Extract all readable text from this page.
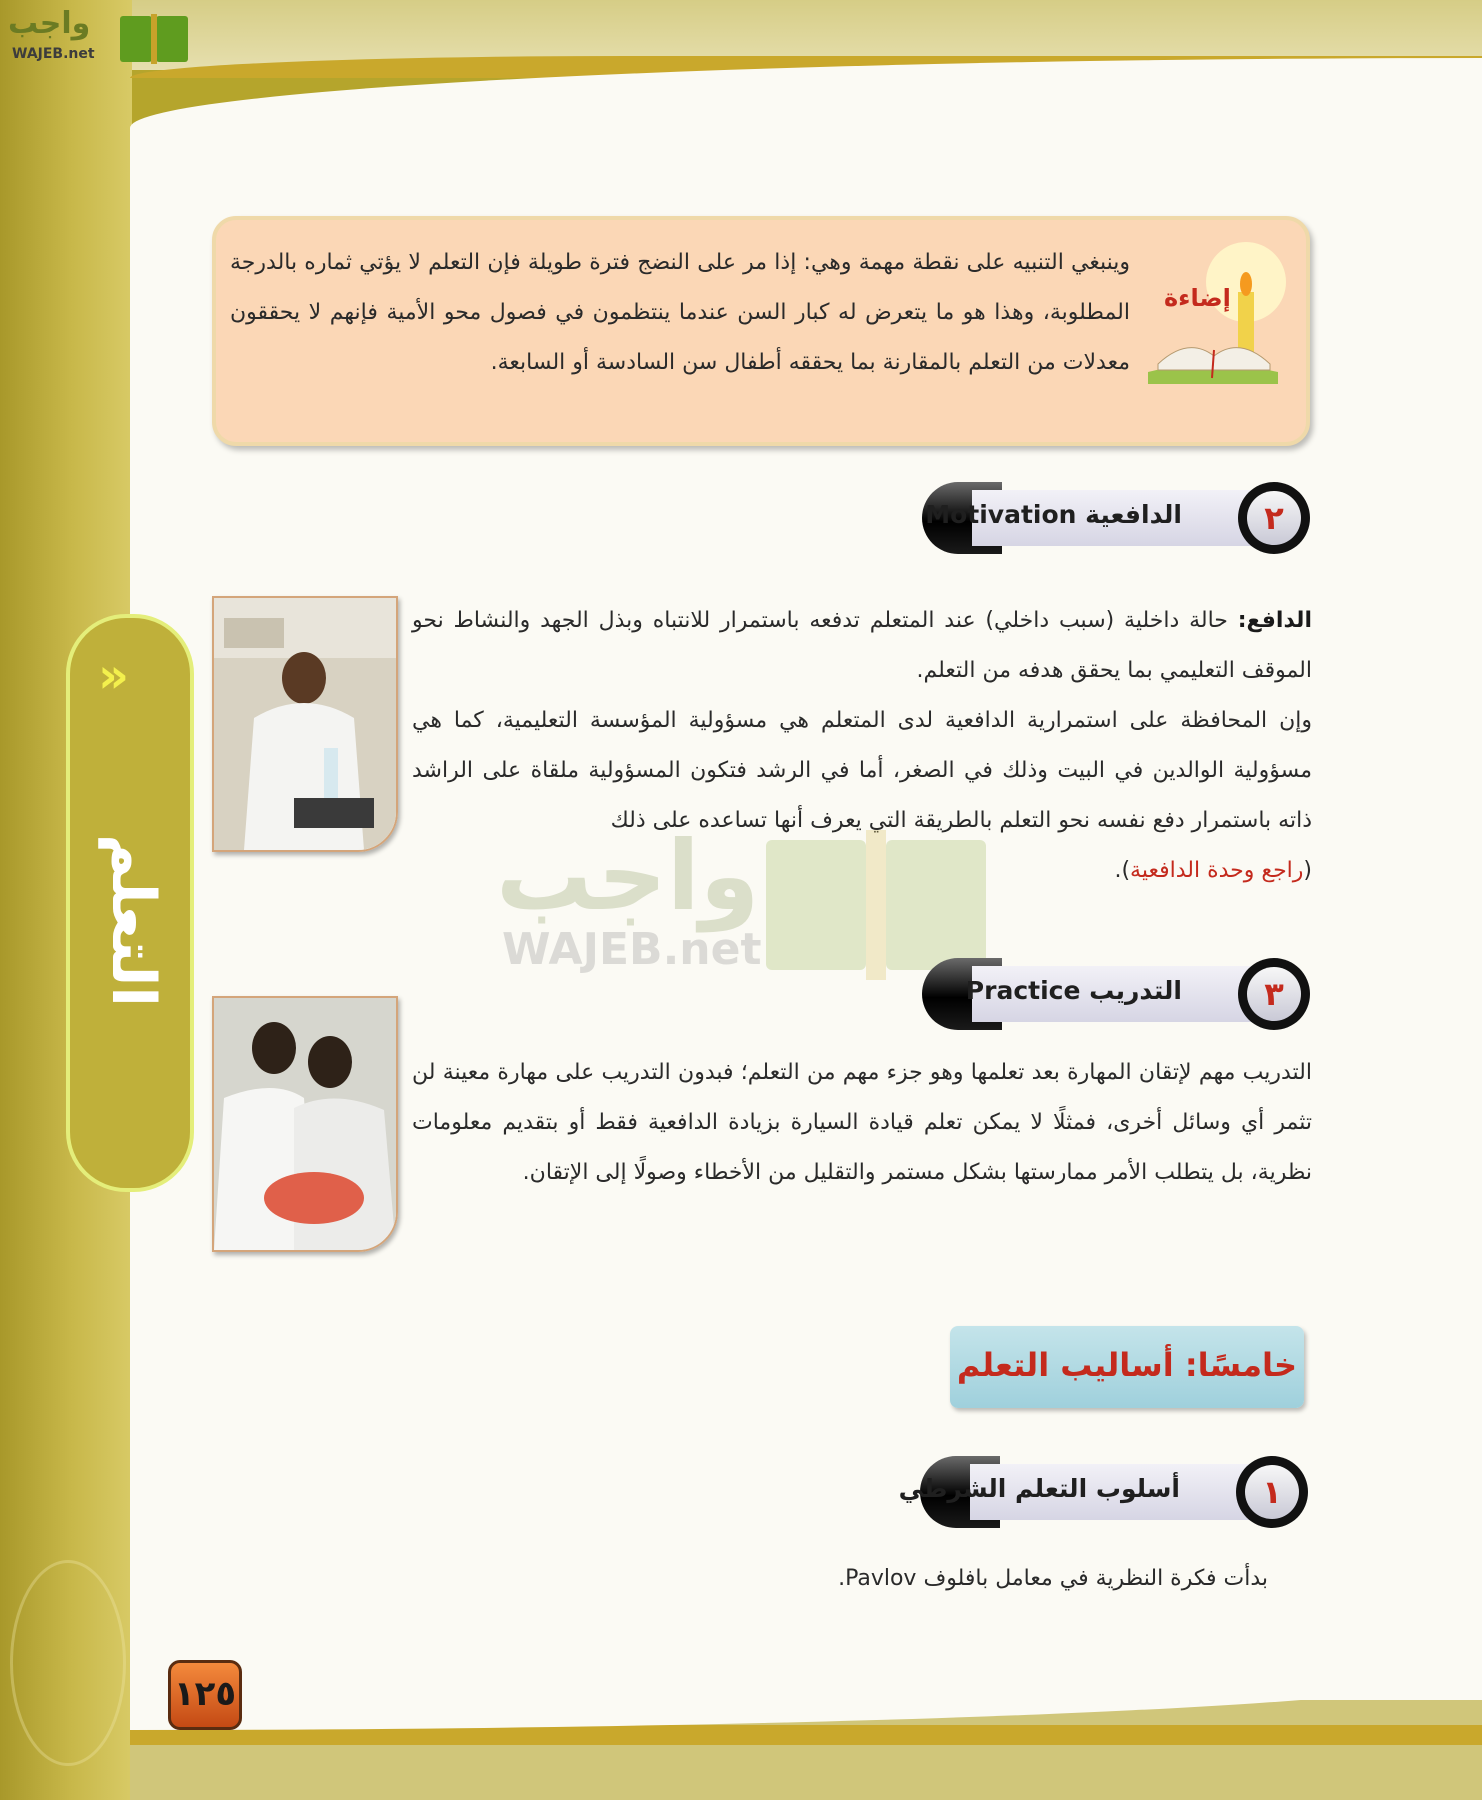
واجب
WAJEB.net
»
التعلم
وينبغي التنبيه على نقطة مهمة وهي: إذا مر على النضج فترة طويلة فإن التعلم لا يؤتي ثماره بالدرجة المطلوبة، وهذا هو ما يتعرض له كبار السن عندما ينتظمون في فصول محو الأمية فإنهم لا يحققون معدلات من التعلم بالمقارنة بما يحققه أطفال سن السادسة أو السابعة.
إضاءة
الدافعية Motivation	٢
الدافع: حالة داخلية (سبب داخلي) عند المتعلم تدفعه باستمرار للانتباه وبذل الجهد والنشاط نحو الموقف التعليمي بما يحقق هدفه من التعلم.
وإن المحافظة على استمرارية الدافعية لدى المتعلم هي مسؤولية المؤسسة التعليمية، كما هي مسؤولية الوالدين في البيت وذلك في الصغر، أما في الرشد فتكون المسؤولية ملقاة على الراشد ذاته باستمرار دفع نفسه نحو التعلم بالطريقة التي يعرف أنها تساعده على ذلك
(راجع وحدة الدافعية).
واجب
WAJEB.net
التدريب Practice	٣
التدريب مهم لإتقان المهارة بعد تعلمها وهو جزء مهم من التعلم؛ فبدون التدريب على مهارة معينة لن تثمر أي وسائل أخرى، فمثلًا لا يمكن تعلم قيادة السيارة بزيادة الدافعية فقط أو بتقديم معلومات نظرية، بل يتطلب الأمر ممارستها بشكل مستمر والتقليل من الأخطاء وصولًا إلى الإتقان.
خامسًا: أساليب التعلم
أسلوب التعلم الشرطي	١
بدأت فكرة النظرية في معامل بافلوف Pavlov.
١٢٥
